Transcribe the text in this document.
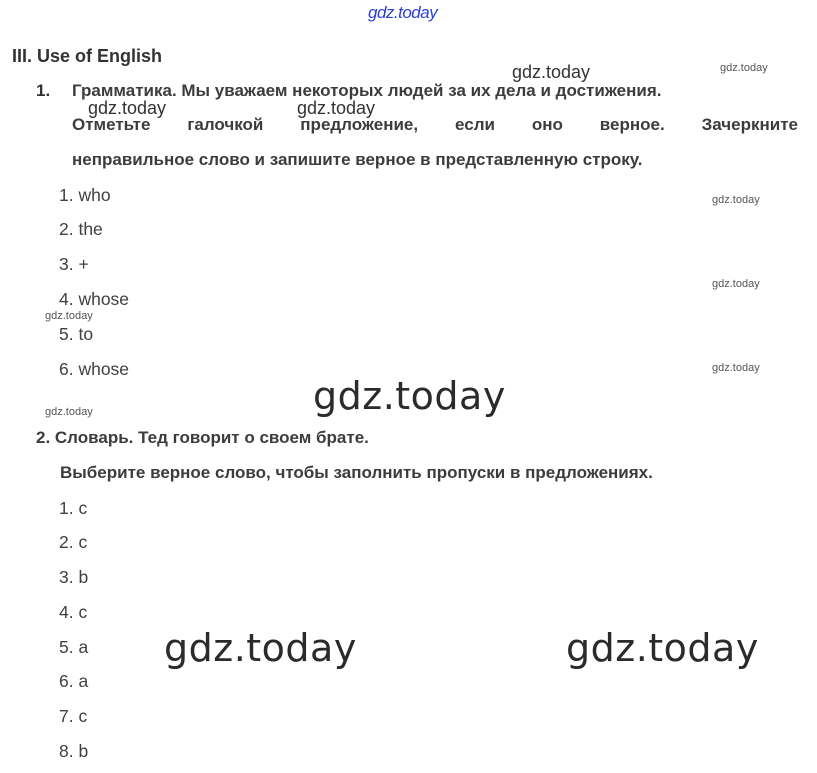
gdz.today
gdz.today	gdz.today
gdz.today	gdz.today
gdz.today
gdz.today
gdz.today
gdz.today
gdz.today
gdz.today
gdz.today	gdz.today
III. Use of English
1. Грамматика. Мы уважаем некоторых людей за их дела и достижения.
Отметьте галочкой предложение, если оно верное. Зачеркните
неправильное слово и запишите верное в представленную строку.
1. who
2. the
3. +
4. whose
5. to
6. whose
2. Словарь. Тед говорит о своем брате.
Выберите верное слово, чтобы заполнить пропуски в предложениях.
1. c
2. c
3. b
4. c
5. a
6. a
7. c
8. b
